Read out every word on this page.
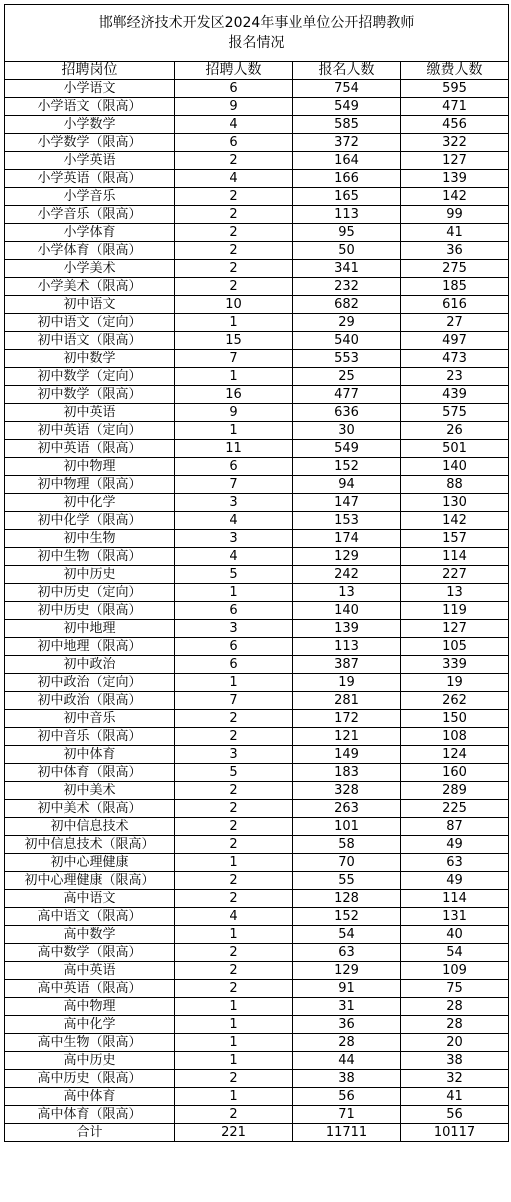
邯郸经济技术开发区2024年事业单位公开招聘教师
报名情况			

招聘岗位	招聘人数	报名人数	缴费人数
小学语文	6	754	595
小学语文（限高）	9	549	471
小学数学	4	585	456
小学数学（限高）	6	372	322
小学英语	2	164	127
小学英语（限高）	4	166	139
小学音乐	2	165	142
小学音乐（限高）	2	113	99
小学体育	2	95	41
小学体育（限高）	2	50	36
小学美术	2	341	275
小学美术（限高）	2	232	185
初中语文	10	682	616
初中语文（定向）	1	29	27
初中语文（限高）	15	540	497
初中数学	7	553	473
初中数学（定向）	1	25	23
初中数学（限高）	16	477	439
初中英语	9	636	575
初中英语（定向）	1	30	26
初中英语（限高）	11	549	501
初中物理	6	152	140
初中物理（限高）	7	94	88
初中化学	3	147	130
初中化学（限高）	4	153	142
初中生物	3	174	157
初中生物（限高）	4	129	114
初中历史	5	242	227
初中历史（定向）	1	13	13
初中历史（限高）	6	140	119
初中地理	3	139	127
初中地理（限高）	6	113	105
初中政治	6	387	339
初中政治（定向）	1	19	19
初中政治（限高）	7	281	262
初中音乐	2	172	150
初中音乐（限高）	2	121	108
初中体育	3	149	124
初中体育（限高）	5	183	160
初中美术	2	328	289
初中美术（限高）	2	263	225
初中信息技术	2	101	87
初中信息技术（限高）	2	58	49
初中心理健康	1	70	63
初中心理健康（限高）	2	55	49
高中语文	2	128	114
高中语文（限高）	4	152	131
高中数学	1	54	40
高中数学（限高）	2	63	54
高中英语	2	129	109
高中英语（限高）	2	91	75
高中物理	1	31	28
高中化学	1	36	28
高中生物（限高）	1	28	20
高中历史	1	44	38
高中历史（限高）	2	38	32
高中体育	1	56	41
高中体育（限高）	2	71	56
合计	221	11711	10117
